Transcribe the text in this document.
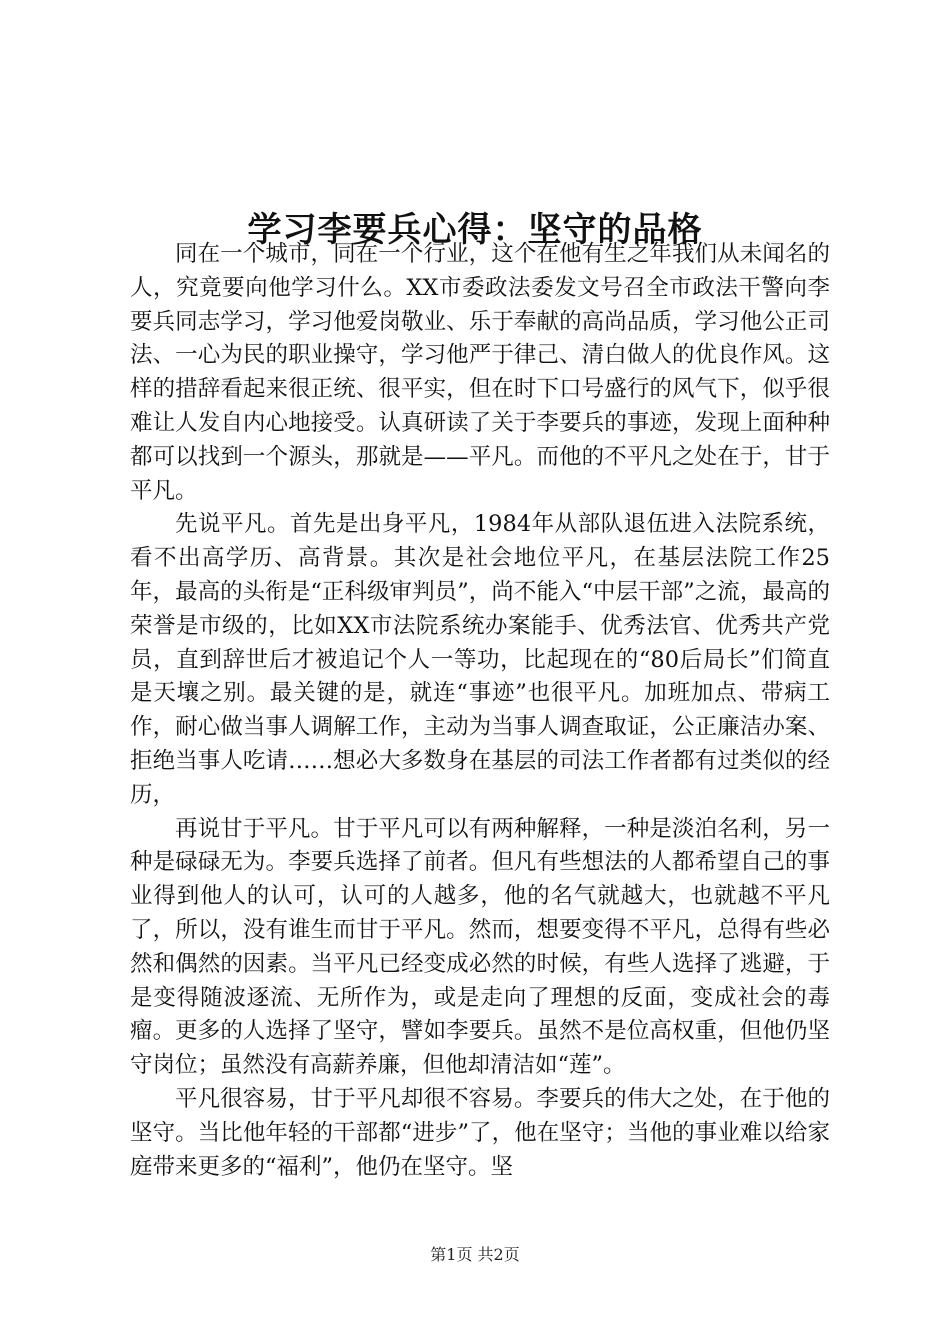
学习李要兵心得：坚守的品格

同在一个城市，同在一个行业，这个在他有生之年我们从未闻名的人，究竟要向他学习什么。XX市委政法委发文号召全市政法干警向李要兵同志学习，学习他爱岗敬业、乐于奉献的高尚品质，学习他公正司法、一心为民的职业操守，学习他严于律己、清白做人的优良作风。这样的措辞看起来很正统、很平实，但在时下口号盛行的风气下，似乎很难让人发自内心地接受。认真研读了关于李要兵的事迹，发现上面种种都可以找到一个源头，那就是——平凡。而他的不平凡之处在于，甘于平凡。

先说平凡。首先是出身平凡，1984年从部队退伍进入法院系统，看不出高学历、高背景。其次是社会地位平凡，在基层法院工作25年，最高的头衔是“正科级审判员”，尚不能入“中层干部”之流，最高的荣誉是市级的，比如XX市法院系统办案能手、优秀法官、优秀共产党员，直到辞世后才被追记个人一等功，比起现在的“80后局长”们简直是天壤之别。最关键的是，就连“事迹”也很平凡。加班加点、带病工作，耐心做当事人调解工作，主动为当事人调查取证，公正廉洁办案、拒绝当事人吃请……想必大多数身在基层的司法工作者都有过类似的经历，

再说甘于平凡。甘于平凡可以有两种解释，一种是淡泊名利，另一种是碌碌无为。李要兵选择了前者。但凡有些想法的人都希望自己的事业得到他人的认可，认可的人越多，他的名气就越大，也就越不平凡了，所以，没有谁生而甘于平凡。然而，想要变得不平凡，总得有些必然和偶然的因素。当平凡已经变成必然的时候，有些人选择了逃避，于是变得随波逐流、无所作为，或是走向了理想的反面，变成社会的毒瘤。更多的人选择了坚守，譬如李要兵。虽然不是位高权重，但他仍坚守岗位；虽然没有高薪养廉，但他却清洁如“莲”。

平凡很容易，甘于平凡却很不容易。李要兵的伟大之处，在于他的坚守。当比他年轻的干部都“进步”了，他在坚守；当他的事业难以给家庭带来更多的“福利”，他仍在坚守。坚

第1页 共2页
